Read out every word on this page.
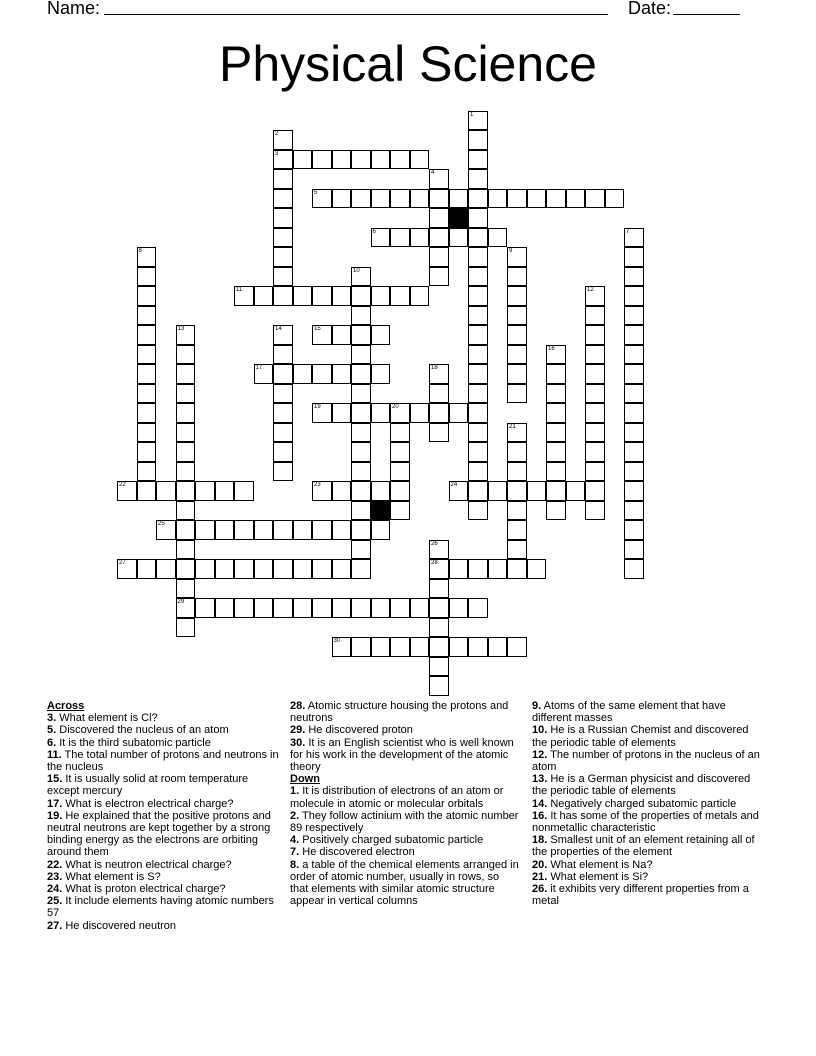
Name:	Date:
Physical Science
3
5
6
11
15
17
19	20
22	23	24
25
27	28
29
30
1
2
4
7
8	9
10
12
13	14
16
18
21
26
Across

3. What element is Cl?

5. Discovered the nucleus of an atom

6. It is the third subatomic particle

11. The total number of protons and neutrons in the nucleus

15. It is usually solid at room temperature except mercury

17. What is electron electrical charge?

19. He explained that the positive protons and neutral neutrons are kept together by a strong binding energy as the electrons are orbiting around them

22. What is neutron electrical charge?

23. What element is S?

24. What is proton electrical charge?

25. It include elements having atomic numbers 57

27. He discovered neutron

28. Atomic structure housing the protons and neutrons

29. He discovered proton

30. It is an English scientist who is well known for his work in the development of the atomic theory

Down

1. It is distribution of electrons of an atom or molecule in atomic or molecular orbitals

2. They follow actinium with the atomic number 89 respectively

4. Positively charged subatomic particle

7. He discovered electron

8. a table of the chemical elements arranged in order of atomic number, usually in rows, so that elements with similar atomic structure appear in vertical columns

9. Atoms of the same element that have different masses

10. He is a Russian Chemist and discovered the periodic table of elements

12. The number of protons in the nucleus of an atom

13. He is a German physicist and discovered the periodic table of elements

14. Negatively charged subatomic particle

16. It has some of the properties of metals and nonmetallic characteristic

18. Smallest unit of an element retaining all of the properties of the element

20. What element is Na?

21. What element is Si?

26. it exhibits very different properties from a metal
